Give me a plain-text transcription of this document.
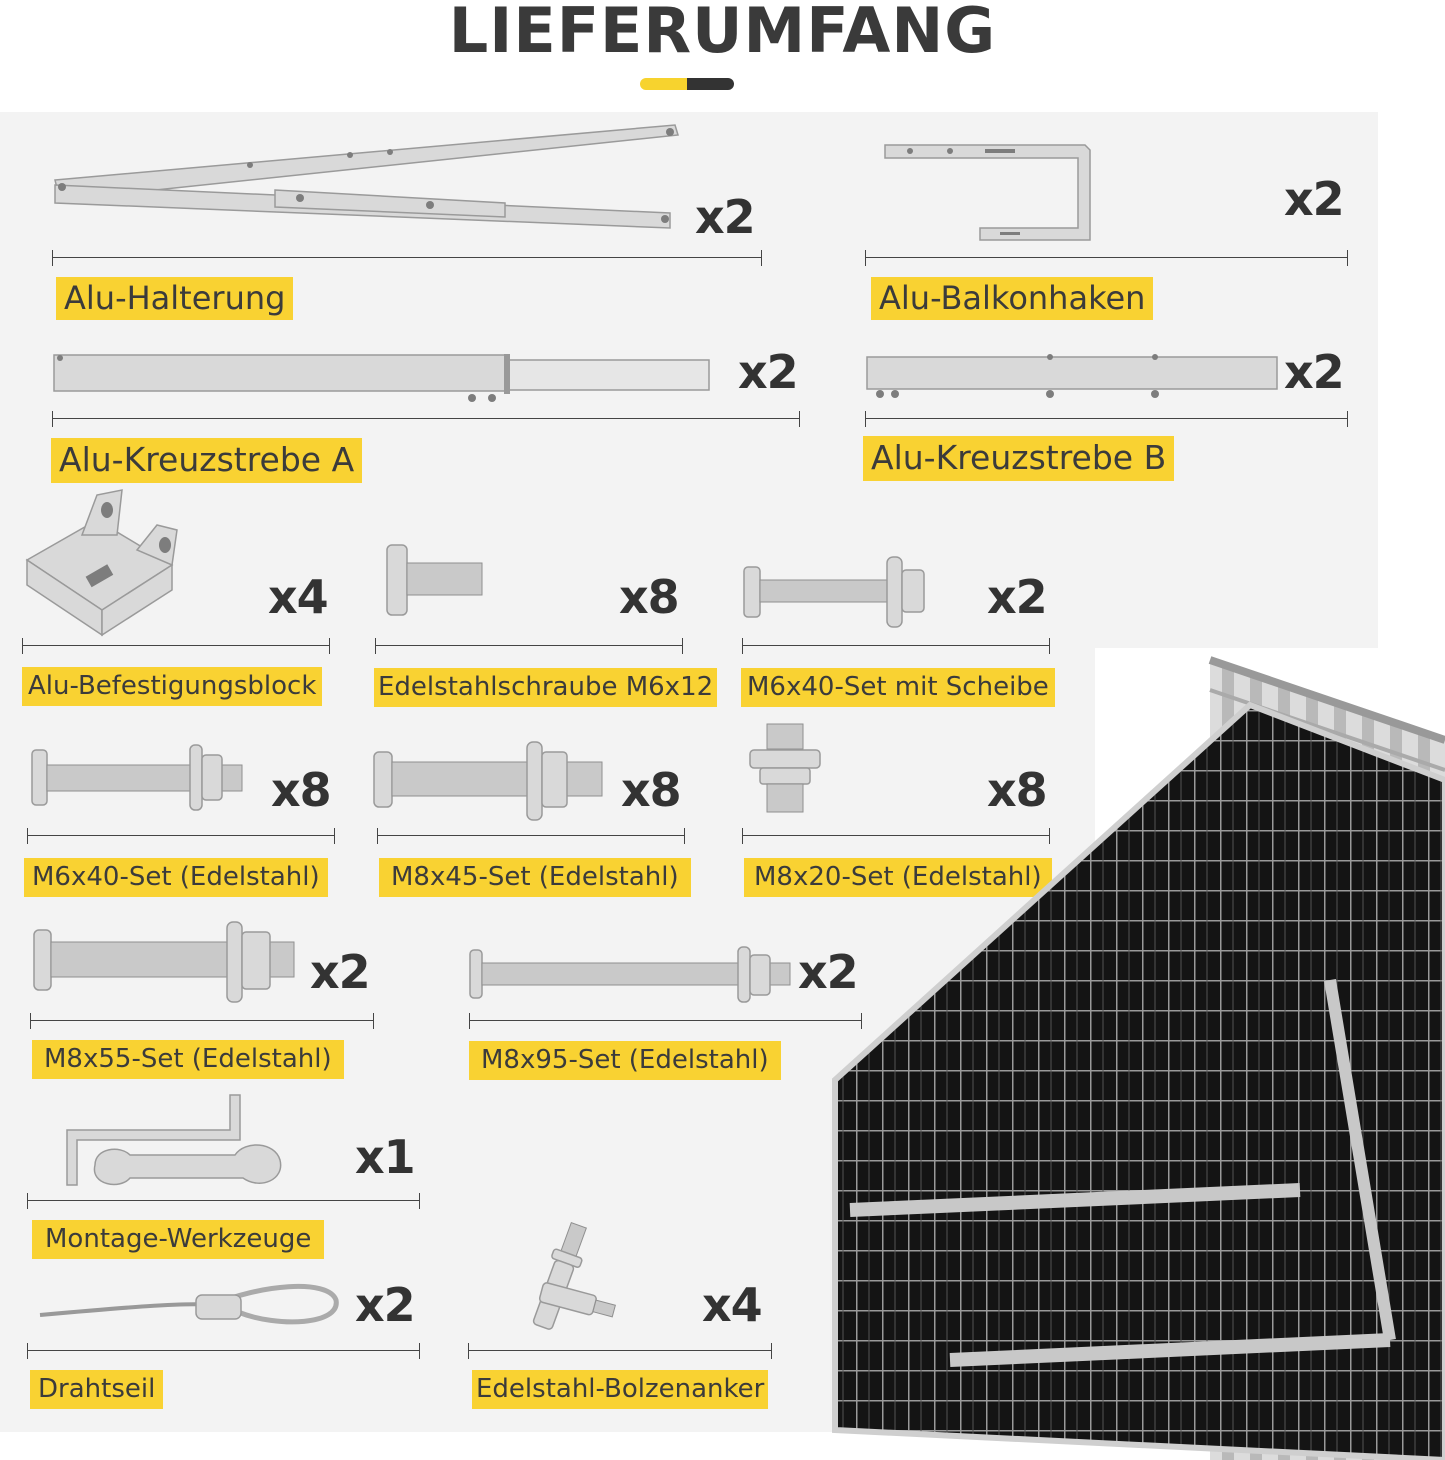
LIEFERUMFANG
x2
Alu-Halterung
x2
Alu-Balkonhaken
x2
Alu-Kreuzstrebe A
x2
Alu-Kreuzstrebe B
x4
Alu-Befestigungsblock
x8
Edelstahlschraube M6x12
x2
M6x40-Set mit Scheibe
x8
M6x40-Set (Edelstahl)
x8
M8x45-Set (Edelstahl)
x8
M8x20-Set (Edelstahl)
x2
M8x55-Set (Edelstahl)
x2
M8x95-Set (Edelstahl)
x1
Montage-Werkzeuge
x2
Drahtseil
x4
Edelstahl-Bolzenanker
